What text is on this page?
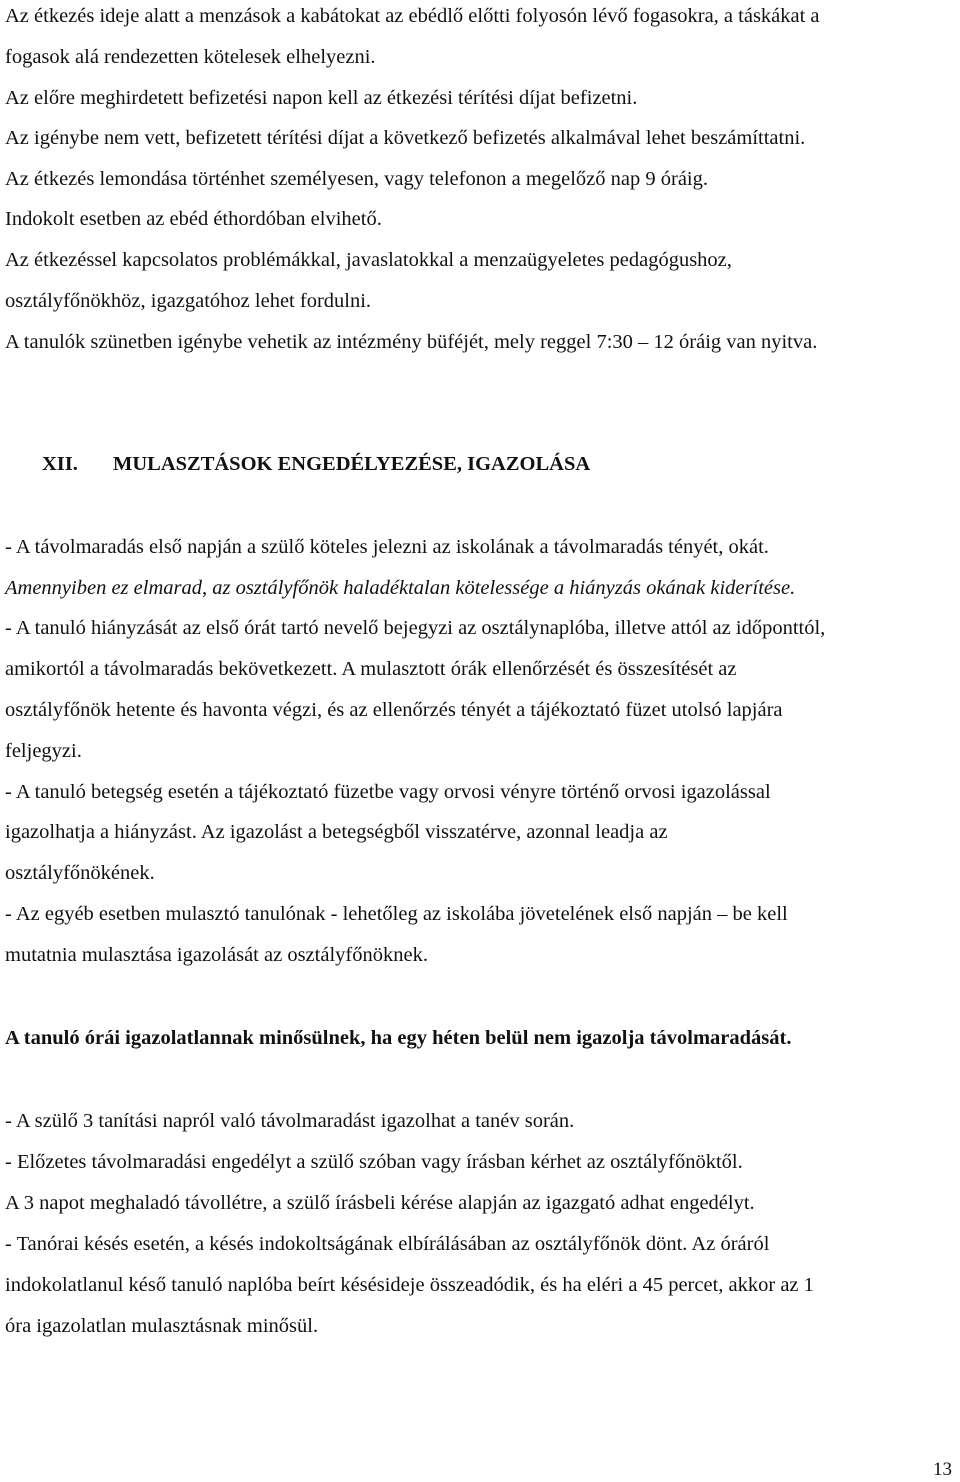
Az étkezés ideje alatt a menzások a kabátokat az ebédlő előtti folyosón lévő fogasokra, a táskákat a
fogasok alá rendezetten kötelesek elhelyezni.
Az előre meghirdetett befizetési napon kell az étkezési térítési díjat befizetni.
Az igénybe nem vett, befizetett térítési díjat a következő befizetés alkalmával lehet beszámíttatni.
Az étkezés lemondása történhet személyesen, vagy telefonon a megelőző nap 9 óráig.
Indokolt esetben az ebéd éthordóban elvihető.
Az étkezéssel kapcsolatos problémákkal, javaslatokkal a menzaügyeletes pedagógushoz,
osztályfőnökhöz, igazgatóhoz lehet fordulni.
A tanulók szünetben igénybe vehetik az intézmény büféjét, mely reggel 7:30 – 12 óráig van nyitva.
XII. MULASZTÁSOK ENGEDÉLYEZÉSE, IGAZOLÁSA
- A távolmaradás első napján a szülő köteles jelezni az iskolának a távolmaradás tényét, okát.
Amennyiben ez elmarad, az osztályfőnök haladéktalan kötelessége a hiányzás okának kiderítése.
- A tanuló hiányzását az első órát tartó nevelő bejegyzi az osztálynaplóba, illetve attól az időponttól,
amikortól a távolmaradás bekövetkezett. A mulasztott órák ellenőrzését és összesítését az
osztályfőnök hetente és havonta végzi, és az ellenőrzés tényét a tájékoztató füzet utolsó lapjára
feljegyzi.
- A tanuló betegség esetén a tájékoztató füzetbe vagy orvosi vényre történő orvosi igazolással
igazolhatja a hiányzást. Az igazolást a betegségből visszatérve, azonnal leadja az
osztályfőnökének.
- Az egyéb esetben mulasztó tanulónak - lehetőleg az iskolába jövetelének első napján – be kell
mutatnia mulasztása igazolását az osztályfőnöknek.
A tanuló órái igazolatlannak minősülnek, ha egy héten belül nem igazolja távolmaradását.
- A szülő 3 tanítási napról való távolmaradást igazolhat a tanév során.
- Előzetes távolmaradási engedélyt a szülő szóban vagy írásban kérhet az osztályfőnöktől.
A 3 napot meghaladó távollétre, a szülő írásbeli kérése alapján az igazgató adhat engedélyt.
- Tanórai késés esetén, a késés indokoltságának elbírálásában az osztályfőnök dönt. Az óráról
indokolatlanul késő tanuló naplóba beírt késésideje összeadódik, és ha eléri a 45 percet, akkor az 1
óra igazolatlan mulasztásnak minősül.
13
